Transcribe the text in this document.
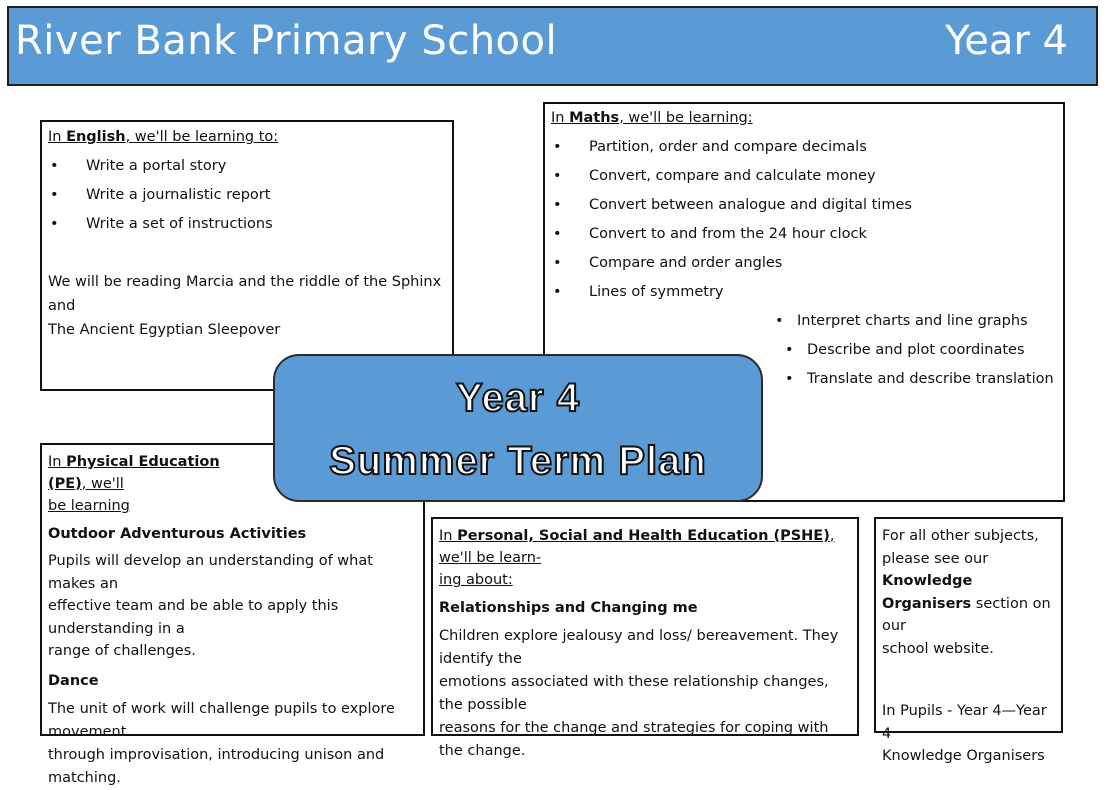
River Bank Primary School	Year 4
In English, we'll be learning to:
• Write a portal story
• Write a journalistic report
• Write a set of instructions

We will be reading Marcia and the riddle of the Sphinx and
The Ancient Egyptian Sleepover

In Maths, we'll be learning:
• Partition, order and compare decimals
• Convert, compare and calculate money
• Convert between analogue and digital times
• Convert to and from the 24 hour clock
• Compare and order angles
• Lines of symmetry
• Interpret charts and line graphs
• Describe and plot coordinates
• Translate and describe translation
In Physical Education (PE), we'll
be learning

Outdoor Adventurous Activities

Pupils will develop an understanding of what makes an
effective team and be able to apply this understanding in a
range of challenges.

Dance

The unit of work will challenge pupils to explore movement
through improvisation, introducing unison and matching.

In Personal, Social and Health Education (PSHE), we'll be learn-
ing about:

Relationships and Changing me

Children explore jealousy and loss/ bereavement. They identify the
emotions associated with these relationship changes, the possible
reasons for the change and strategies for coping with the change.

For all other subjects,
please see our Knowledge
Organisers section on our
school website.

In Pupils - Year 4—Year 4
Knowledge Organisers

Year 4
Summer Term Plan
